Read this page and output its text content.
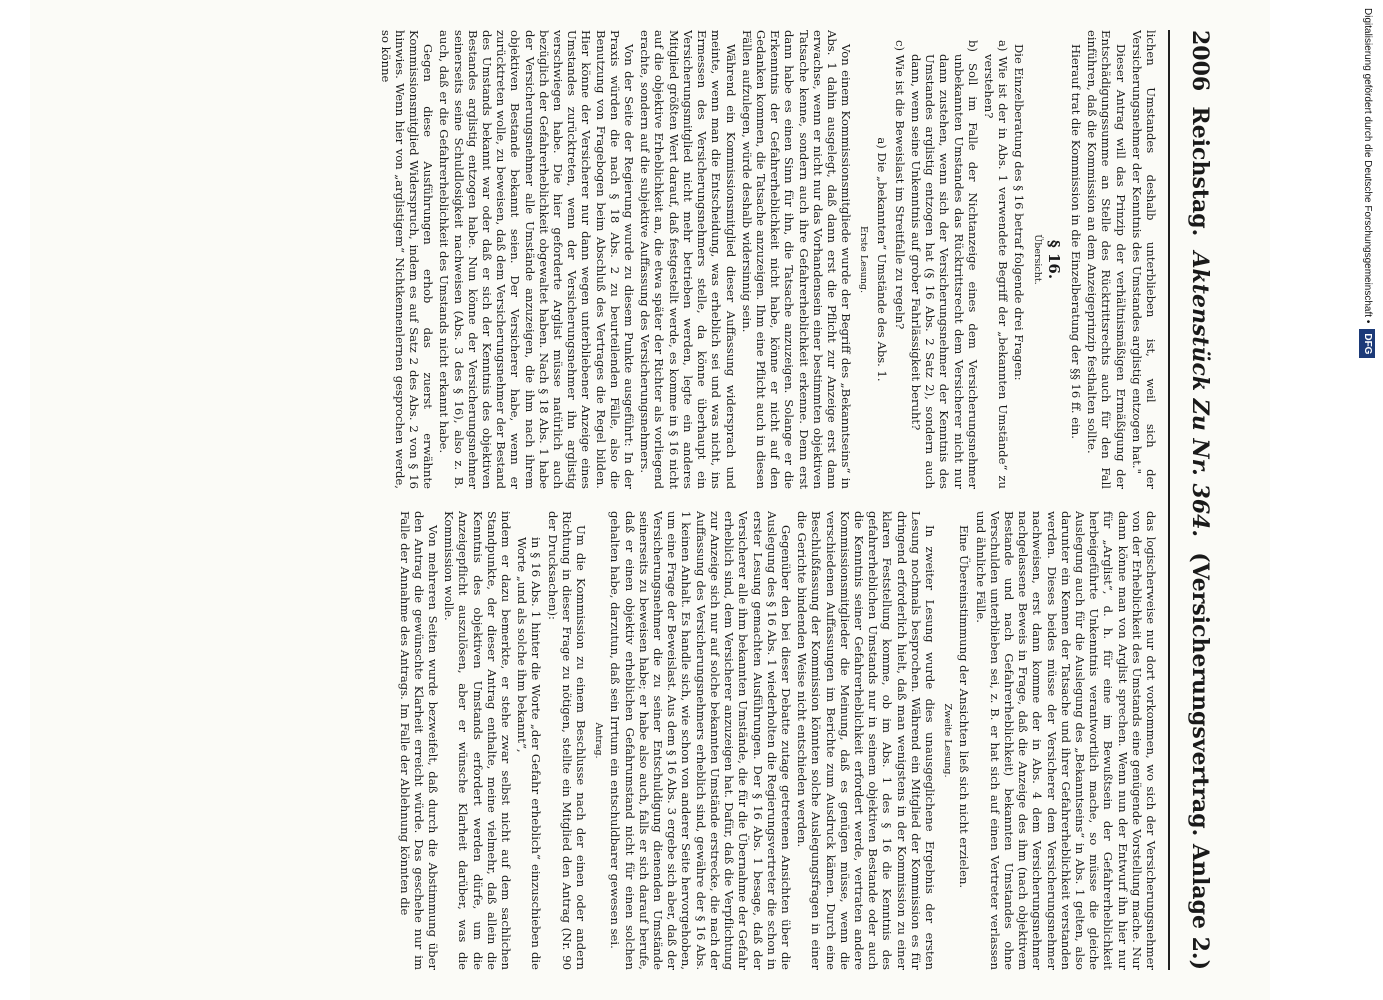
2006
Reichstag.
Aktenstück Zu Nr. 364.
(Versicherungsvertrag. Anlage 2.)

lichen Umstandes deshalb unterblieben ist, weil sich der Versicherungsnehmer der Kenntnis des Umstandes arglistig entzogen hat."

Dieser Antrag will das Prinzip der verhältnismäßigen Ermäßigung der Entschädigungssumme an Stelle des Rücktrittsrechts auch für den Fall einführen, daß die Kommission an dem Anzeigeprinzip festhalten sollte.

Hierauf trat die Kommission in die Einzelberatung der §§ 16 ff. ein.

§ 16.

Übersicht.

Die Einzelberatung des § 16 betraf folgende drei Fragen:

a) Wie ist der in Abs. 1 verwendete Begriff der „bekannten Umstände“ zu verstehen?

b) Soll im Falle der Nichtanzeige eines dem Versicherungsnehmer unbekannten Umstandes das Rücktrittsrecht dem Versicherer nicht nur dann zustehen, wenn sich der Versicherungsnehmer der Kenntnis des Umstandes arglistig entzogen hat (§ 16 Abs. 2 Satz 2), sondern auch dann, wenn seine Unkenntnis auf grober Fahrlässigkeit beruht?

c) Wie ist die Beweislast im Streitfalle zu regeln?

a) Die „bekannten“ Umstände des Abs. 1.

Erste Lesung.

Von einem Kommissionsmitgliede wurde der Begriff des „Bekanntseins“ in Abs. 1 dahin ausgelegt, daß dann erst die Pflicht zur Anzeige erst dann erwachse, wenn er nicht nur das Vorhandensein einer bestimmten objektiven Tatsache kenne, sondern auch ihre Gefahrerheblichkeit erkenne. Denn erst dann habe es einen Sinn für ihn, die Tatsache anzuzeigen. Solange er die Erkenntnis der Gefahrerheblichkeit nicht habe, könne er nicht auf den Gedanken kommen, die Tatsache anzuzeigen. Ihm eine Pflicht auch in diesen Fällen aufzulegen, würde deshalb widersinnig sein.

Während ein Kommissionsmitglied dieser Auffassung widersprach und meinte, wenn man die Entscheidung, was erheblich sei und was nicht, ins Ermessen des Versicherungsnehmers stelle, da könne überhaupt ein Versicherungsmitglied nicht mehr betrieben werden, legte ein anderes Mitglied größten Wert darauf, daß festgestellt werde, es komme in § 16 nicht auf die objektive Erheblichkeit an, die etwa später der Richter als vorliegend erachte, sondern auf die subjektive Auffassung des Versicherungsnehmers.

Von der Seite der Regierung wurde zu diesem Punkte ausgeführt: In der Praxis würden die nach § 18 Abs. 2 zu beurteilenden Fälle, also die Benutzung von Fragebogen beim Abschluß des Vertrages die Regel bilden. Hier könne der Versicherer nur dann wegen unterbliebener Anzeige eines Umstandes zurücktreten, wenn der Versicherungsnehmer ihn arglistig verschwiegen habe. Die hier geforderte Arglist müsse natürlich auch bezüglich der Gefahrerheblichkeit obgewaltet haben. Nach § 18 Abs. 1 habe der Versicherungsnehmer alle Umstände anzuzeigen, die ihm nach ihrem objektiven Bestande bekannt seien. Der Versicherer habe, wenn er zurücktreten wolle, zu beweisen, daß dem Versicherungsnehmer der Bestand des Umstands bekannt war oder daß er sich der Kenntnis des objektiven Bestandes arglistig entzogen habe. Nun könne der Versicherungsnehmer seinerseits seine Schuldlosigkeit nachweisen (Abs. 3 des § 16), also z. B. auch, daß er die Gefahrerheblichkeit des Umstands nicht erkannt habe.

Gegen diese Ausführungen erhob das zuerst erwähnte Kommissionsmitglied Widerspruch, indem es auf Satz 2 des Abs. 2 von § 16 hinwies. Wenn hier von „arglistigem“ Nichtkennenlernen gesprochen werde, so könne

das logischerweise nur dort vorkommen, wo sich der Versicherungsnehmer von der Erheblichkeit des Umstands eine genügende Vorstellung mache. Nur dann könne man von Arglist sprechen. Wenn nun der Entwurf ihn hier nur für „Arglist“, d. h. für eine im Bewußtsein der Gefahrerheblichkeit herbeigeführte Unkenntnis verantwortlich mache, so müsse die gleiche Auslegung auch für die Auslegung des „Bekanntseins“ in Abs. 1 gelten, also darunter ein Kennen der Tatsache und ihrer Gefahrerheblichkeit verstanden werden. Dieses beides müsse der Versicherer dem Versicherungsnehmer nachweisen, erst dann komme der in Abs. 4 dem Versicherungsnehmer nachgelassene Beweis in Frage, daß die Anzeige des ihm (nach objektivem Bestande und nach Gefahrerheblichkeit) bekannten Umstandes ohne Verschulden unterblieben sei, z. B. er hat sich auf einen Vertreter verlassen und ähnliche Fälle.

Eine Übereinstimmung der Ansichten ließ sich nicht erzielen.

Zweite Lesung.

In zweiter Lesung wurde dies unausgeglichene Ergebnis der ersten Lesung nochmals besprochen. Während ein Mitglied der Kommission es für dringend erforderlich hielt, daß man wenigstens in der Kommission zu einer klaren Feststellung komme, ob im Abs. 1 des § 16 die Kenntnis des gefahrerheblichen Umstands nur in seinem objektiven Bestande oder auch die Kenntnis seiner Gefahrerheblichkeit erfordert werde, vertraten andere Kommissionsmitglieder die Meinung, daß es genügen müsse, wenn die verschiedenen Auffassungen im Berichte zum Ausdruck kämen. Durch eine Beschlußfassung der Kommission könnten solche Auslegungsfragen in einer die Gerichte bindenden Weise nicht entschieden werden.

Gegenüber den bei dieser Debatte zutage getretenen Ansichten über die Auslegung des § 16 Abs. 1 wiederholten die Regierungsvertreter die schon in erster Lesung gemachten Ausführungen. Der § 16 Abs. 1 besage, daß der Versicherer alle ihm bekannten Umstände, die für die Übernahme der Gefahr erheblich sind, dem Versicherer anzuzeigen hat. Dafür, daß die Verpflichtung zur Anzeige sich nur auf solche bekannten Umstände erstrecke, die nach der Auffassung des Versicherungsnehmers erheblich sind, gewähre der § 16 Abs. 1 keinen Anhalt. Es handle sich, wie schon von anderer Seite hervorgehoben, um eine Frage der Beweislast. Aus dem § 16 Abs. 3 ergebe sich aber, daß der Versicherungsnehmer die zu seiner Entschuldigung dienenden Umstände seinerseits zu beweisen habe; er habe also auch, falls er sich darauf berufe, daß er einen objektiv erheblichen Gefahrumstand nicht für einen solchen gehalten habe, darzutun, daß sein Irrtum ein entschuldbarer gewesen sei.

Antrag.

Um die Kommission zu einem Beschlusse nach der einen oder andern Richtung in dieser Frage zu nötigen, stellte ein Mitglied den Antrag (Nr. 90 der Drucksachen):

in § 16 Abs. 1 hinter die Worte „der Gefahr erheblich“ einzuschieben die Worte „und als solche ihm bekannt“,

indem er dazu bemerkte, er stehe zwar selbst nicht auf dem sachlichen Standpunkte, der dieser Antrag enthalte, meine vielmehr, daß allein die Kenntnis des objektiven Umstands erfordert werden dürfe, um die Anzeigepflicht auszulösen, aber er wünsche Klarheit darüber, was die Kommission wolle.

Von mehreren Seiten wurde bezweifelt, daß durch die Abstimmung über den Antrag die gewünschte Klarheit erreicht würde. Das geschehe nur im Falle der Annahme des Antrags. Im Falle der Ablehnung könnten die

Digitalisierung gefördert durch die Deutsche Forschungsgemeinschaft •
DFG
